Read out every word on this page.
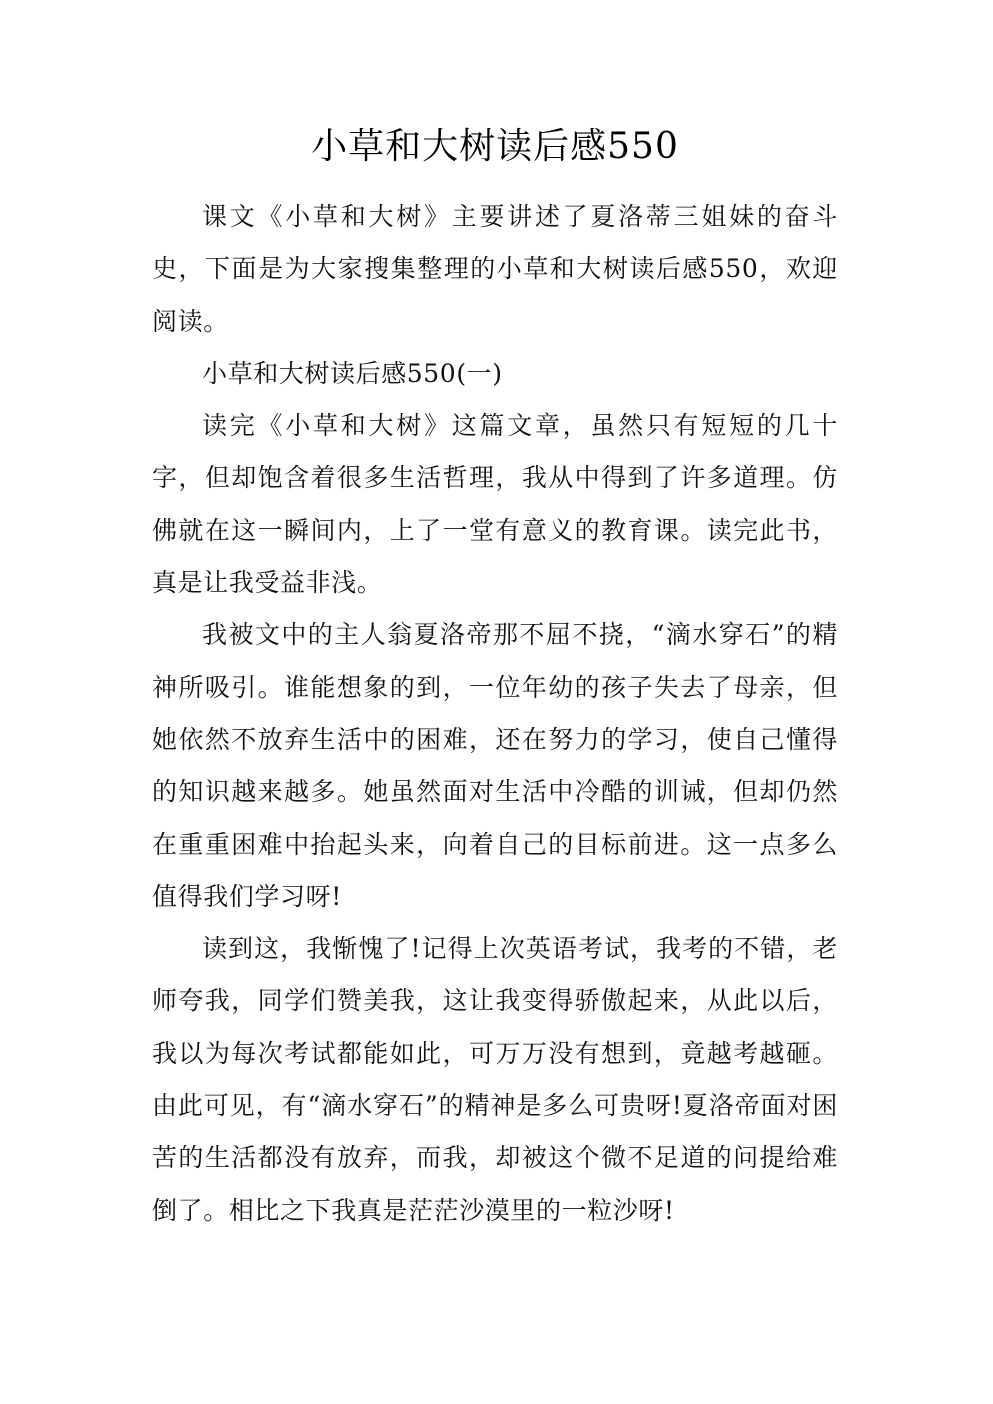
小草和大树读后感550

课文《小草和大树》主要讲述了夏洛蒂三姐妹的奋斗史，下面是为大家搜集整理的小草和大树读后感550，欢迎阅读。

小草和大树读后感550(一)

读完《小草和大树》这篇文章，虽然只有短短的几十字，但却饱含着很多生活哲理，我从中得到了许多道理。仿佛就在这一瞬间内，上了一堂有意义的教育课。读完此书，真是让我受益非浅。

我被文中的主人翁夏洛帝那不屈不挠，“滴水穿石”的精神所吸引。谁能想象的到，一位年幼的孩子失去了母亲，但她依然不放弃生活中的困难，还在努力的学习，使自己懂得的知识越来越多。她虽然面对生活中冷酷的训诫，但却仍然在重重困难中抬起头来，向着自己的目标前进。这一点多么值得我们学习呀!

读到这，我惭愧了!记得上次英语考试，我考的不错，老师夸我，同学们赞美我，这让我变得骄傲起来，从此以后，我以为每次考试都能如此，可万万没有想到，竟越考越砸。由此可见，有“滴水穿石”的精神是多么可贵呀!夏洛帝面对困苦的生活都没有放弃，而我，却被这个微不足道的问提给难倒了。相比之下我真是茫茫沙漠里的一粒沙呀!
